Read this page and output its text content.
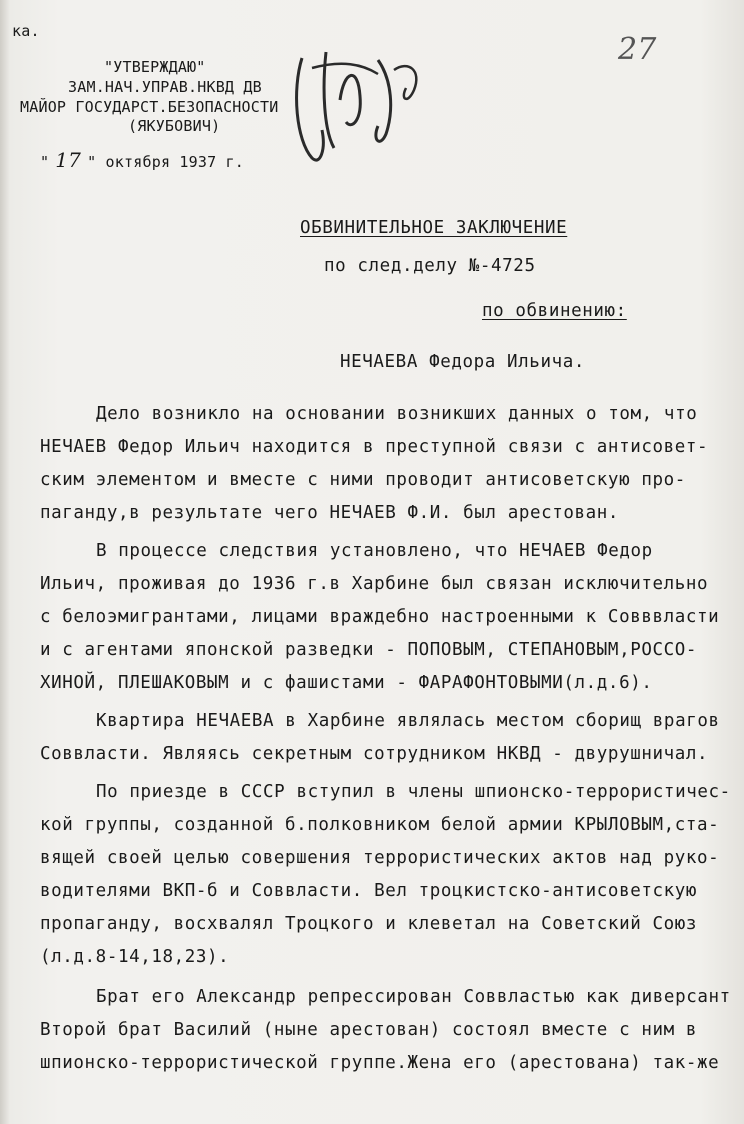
ка.
"УТВЕРЖДАЮ"
ЗАМ.НАЧ.УПРАВ.НКВД ДВ
МАЙОР ГОСУДАРСТ.БЕЗОПАСНОСТИ
(ЯКУБОВИЧ)
" 17 " октября 1937 г.
27
ОБВИНИТЕЛЬНОЕ ЗАКЛЮЧЕНИЕ
по след.делу №-4725
по обвинению:
НЕЧАЕВА Федора Ильича.
Дело возникло на основании возникших данных о том, что
НЕЧАЕВ Федор Ильич находится в преступной связи с антисовет-
ским элементом и вместе с ними проводит антисоветскую про-
паганду,в результате чего НЕЧАЕВ Ф.И. был арестован.
В процессе следствия установлено, что НЕЧАЕВ Федор
Ильич, проживая до 1936 г.в Харбине был связан исключительно
с белоэмигрантами, лицами враждебно настроенными к Совввласти
и с агентами японской разведки - ПОПОВЫМ, СТЕПАНОВЫМ,РОССО-
ХИНОЙ, ПЛЕШАКОВЫМ и с фашистами - ФАРАФОНТОВЫМИ(л.д.6).
Квартира НЕЧАЕВА в Харбине являлась местом сборищ врагов
Соввласти. Являясь секретным сотрудником НКВД - двурушничал.
По приезде в СССР вступил в члены шпионско-террористичес-
кой группы, созданной б.полковником белой армии КРЫЛОВЫМ,ста-
вящей своей целью совершения террористических актов над руко-
водителями ВКП-б и Соввласти. Вел троцкистско-антисоветскую
пропаганду, восхвалял Троцкого и клеветал на Советский Союз
(л.д.8-14,18,23).
Брат его Александр репрессирован Соввластью как диверсант
Второй брат Василий (ныне арестован) состоял вместе с ним в
шпионско-террористической группе.Жена его (арестована) так-же
